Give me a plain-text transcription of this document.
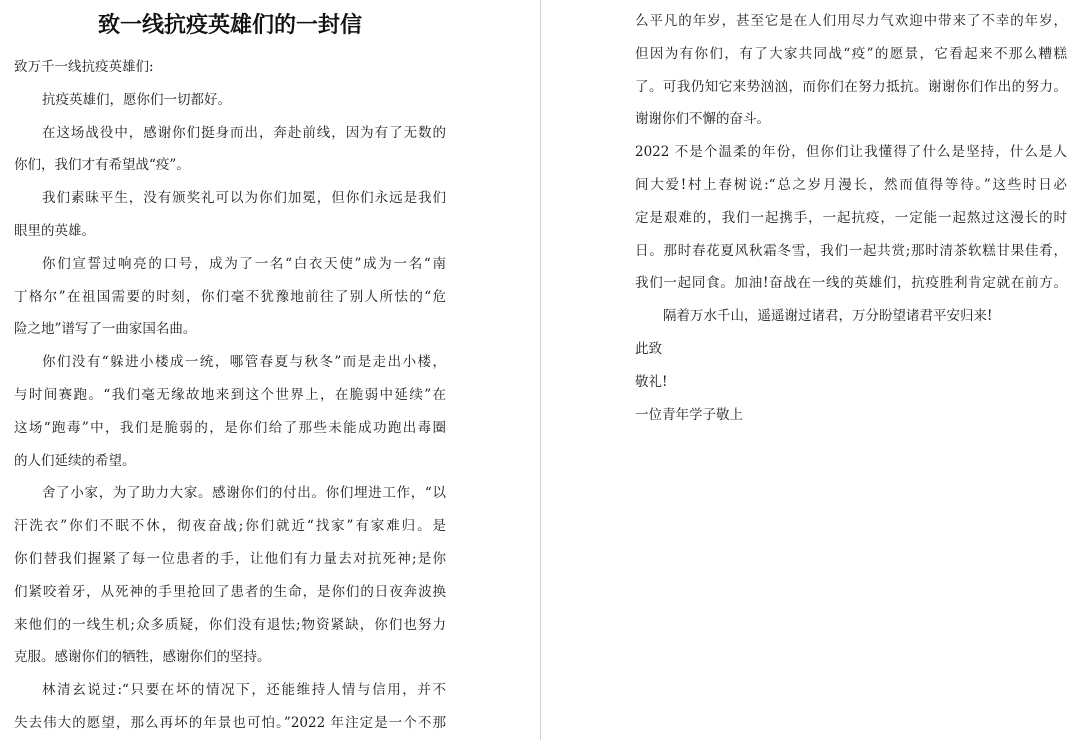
致一线抗疫英雄们的一封信
致万千一线抗疫英雄们:
抗疫英雄们，愿你们一切都好。
在这场战役中，感谢你们挺身而出，奔赴前线，因为有了无数的
你们，我们才有希望战“疫”。
我们素昧平生，没有颁奖礼可以为你们加冕，但你们永远是我们
眼里的英雄。
你们宣誓过响亮的口号，成为了一名“白衣天使”成为一名“南
丁格尔”在祖国需要的时刻，你们毫不犹豫地前往了别人所怯的“危
险之地”谱写了一曲家国名曲。
你们没有“躲进小楼成一统，哪管春夏与秋冬”而是走出小楼，
与时间赛跑。“我们毫无缘故地来到这个世界上，在脆弱中延续”在
这场“跑毒”中，我们是脆弱的，是你们给了那些未能成功跑出毒圈
的人们延续的希望。
舍了小家，为了助力大家。感谢你们的付出。你们埋进工作，“以
汗洗衣”你们不眠不休，彻夜奋战;你们就近“找家”有家难归。是
你们替我们握紧了每一位患者的手，让他们有力量去对抗死神;是你
们紧咬着牙，从死神的手里抢回了患者的生命，是你们的日夜奔波换
来他们的一线生机;众多质疑，你们没有退怯;物资紧缺，你们也努力
克服。感谢你们的牺牲，感谢你们的坚持。
林清玄说过:“只要在坏的情况下，还能维持人情与信用，并不
失去伟大的愿望，那么再坏的年景也可怕。”2022 年注定是一个不那
么平凡的年岁，甚至它是在人们用尽力气欢迎中带来了不幸的年岁，
但因为有你们，有了大家共同战“疫”的愿景，它看起来不那么糟糕
了。可我仍知它来势汹汹，而你们在努力抵抗。谢谢你们作出的努力。
谢谢你们不懈的奋斗。
2022 不是个温柔的年份，但你们让我懂得了什么是坚持，什么是人
间大爱!村上春树说:“总之岁月漫长，然而值得等待。”这些时日必
定是艰难的，我们一起携手，一起抗疫，一定能一起熬过这漫长的时
日。那时春花夏风秋霜冬雪，我们一起共赏;那时清茶软糕甘果佳肴，
我们一起同食。加油!奋战在一线的英雄们，抗疫胜利肯定就在前方。
隔着万水千山，遥遥谢过诸君，万分盼望诸君平安归来!
此致
敬礼!
一位青年学子敬上
